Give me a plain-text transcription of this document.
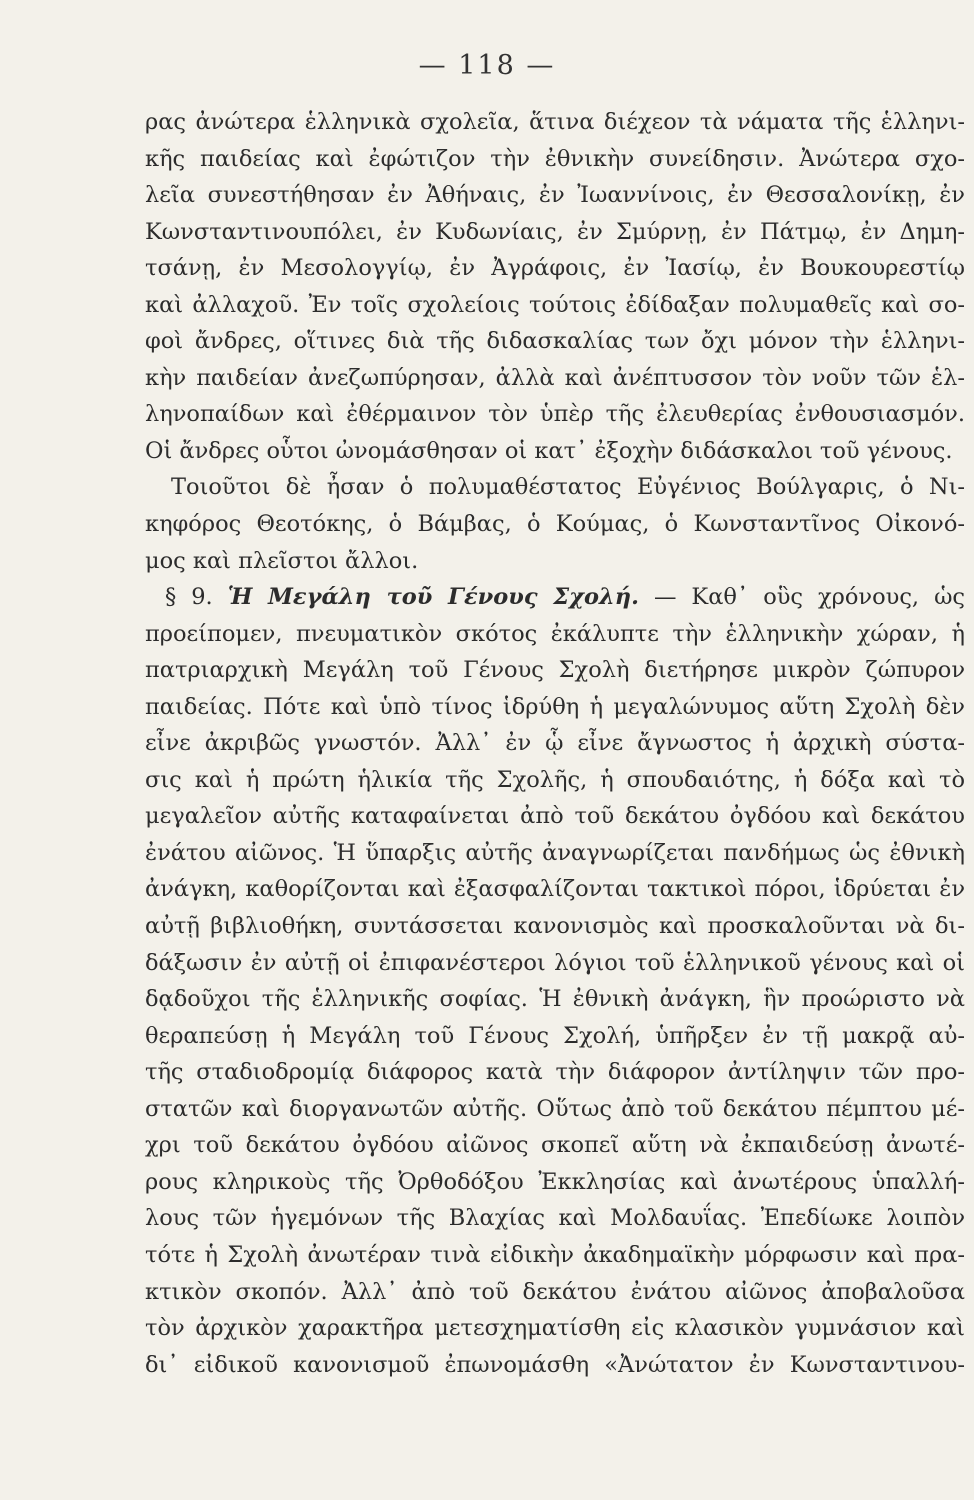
— 118 —
ρας ἀνώτερα ἑλληνικὰ σχολεῖα, ἅτινα διέχεον τὰ νάματα τῆς ἑλληνι-
κῆς παιδείας καὶ ἐφώτιζον τὴν ἐθνικὴν συνείδησιν. Ἀνώτερα σχο-
λεῖα συνεστήθησαν ἐν Ἀθήναις, ἐν Ἰωαννίνοις, ἐν Θεσσαλονίκῃ, ἐν
Κωνσταντινουπόλει, ἐν Κυδωνίαις, ἐν Σμύρνῃ, ἐν Πάτμῳ, ἐν Δημη-
τσάνῃ, ἐν Μεσολογγίῳ, ἐν Ἀγράφοις, ἐν Ἰασίῳ, ἐν Βουκουρεστίῳ
καὶ ἀλλαχοῦ. Ἐν τοῖς σχολείοις τούτοις ἐδίδαξαν πολυμαθεῖς καὶ σο-
φοὶ ἄνδρες, οἵτινες διὰ τῆς διδασκαλίας των ὄχι μόνον τὴν ἑλληνι-
κὴν παιδείαν ἀνεζωπύρησαν, ἀλλὰ καὶ ἀνέπτυσσον τὸν νοῦν τῶν ἑλ-
ληνοπαίδων καὶ ἐθέρμαινον τὸν ὑπὲρ τῆς ἐλευθερίας ἐνθουσιασμόν.
Οἱ ἄνδρες οὗτοι ὠνομάσθησαν οἱ κατ᾽ ἐξοχὴν διδάσκαλοι τοῦ γένους.
Τοιοῦτοι δὲ ἦσαν ὁ πολυμαθέστατος Εὐγένιος Βούλγαρις, ὁ Νι-
κηφόρος Θεοτόκης, ὁ Βάμβας, ὁ Κούμας, ὁ Κωνσταντῖνος Οἰκονό-
μος καὶ πλεῖστοι ἄλλοι.
§ 9. Ἡ Μεγάλη τοῦ Γένους Σχολή. — Καθ᾽ οὓς χρόνους, ὡς
προείπομεν, πνευματικὸν σκότος ἐκάλυπτε τὴν ἑλληνικὴν χώραν, ἡ
πατριαρχικὴ Μεγάλη τοῦ Γένους Σχολὴ διετήρησε μικρὸν ζώπυρον
παιδείας. Πότε καὶ ὑπὸ τίνος ἱδρύθη ἡ μεγαλώνυμος αὕτη Σχολὴ δὲν
εἶνε ἀκριβῶς γνωστόν. Ἀλλ᾽ ἐν ᾧ εἶνε ἄγνωστος ἡ ἀρχικὴ σύστα-
σις καὶ ἡ πρώτη ἡλικία τῆς Σχολῆς, ἡ σπουδαιότης, ἡ δόξα καὶ τὸ
μεγαλεῖον αὐτῆς καταφαίνεται ἀπὸ τοῦ δεκάτου ὀγδόου καὶ δεκάτου
ἐνάτου αἰῶνος. Ἡ ὕπαρξις αὐτῆς ἀναγνωρίζεται πανδήμως ὡς ἐθνικὴ
ἀνάγκη, καθορίζονται καὶ ἐξασφαλίζονται τακτικοὶ πόροι, ἱδρύεται ἐν
αὐτῇ βιβλιοθήκη, συντάσσεται κανονισμὸς καὶ προσκαλοῦνται νὰ δι-
δάξωσιν ἐν αὐτῇ οἱ ἐπιφανέστεροι λόγιοι τοῦ ἑλληνικοῦ γένους καὶ οἱ
δᾳδοῦχοι τῆς ἑλληνικῆς σοφίας. Ἡ ἐθνικὴ ἀνάγκη, ἣν προώριστο νὰ
θεραπεύσῃ ἡ Μεγάλη τοῦ Γένους Σχολή, ὑπῆρξεν ἐν τῇ μακρᾷ αὐ-
τῆς σταδιοδρομίᾳ διάφορος κατὰ τὴν διάφορον ἀντίληψιν τῶν προ-
στατῶν καὶ διοργανωτῶν αὐτῆς. Οὕτως ἀπὸ τοῦ δεκάτου πέμπτου μέ-
χρι τοῦ δεκάτου ὀγδόου αἰῶνος σκοπεῖ αὕτη νὰ ἐκπαιδεύσῃ ἀνωτέ-
ρους κληρικοὺς τῆς Ὀρθοδόξου Ἐκκλησίας καὶ ἀνωτέρους ὑπαλλή-
λους τῶν ἡγεμόνων τῆς Βλαχίας καὶ Μολδαυΐας. Ἐπεδίωκε λοιπὸν
τότε ἡ Σχολὴ ἀνωτέραν τινὰ εἰδικὴν ἀκαδημαϊκὴν μόρφωσιν καὶ πρα-
κτικὸν σκοπόν. Ἀλλ᾽ ἀπὸ τοῦ δεκάτου ἐνάτου αἰῶνος ἀποβαλοῦσα
τὸν ἀρχικὸν χαρακτῆρα μετεσχηματίσθη εἰς κλασικὸν γυμνάσιον καὶ
δι᾽ εἰδικοῦ κανονισμοῦ ἐπωνομάσθη «Ἀνώτατον ἐν Κωνσταντινου-
